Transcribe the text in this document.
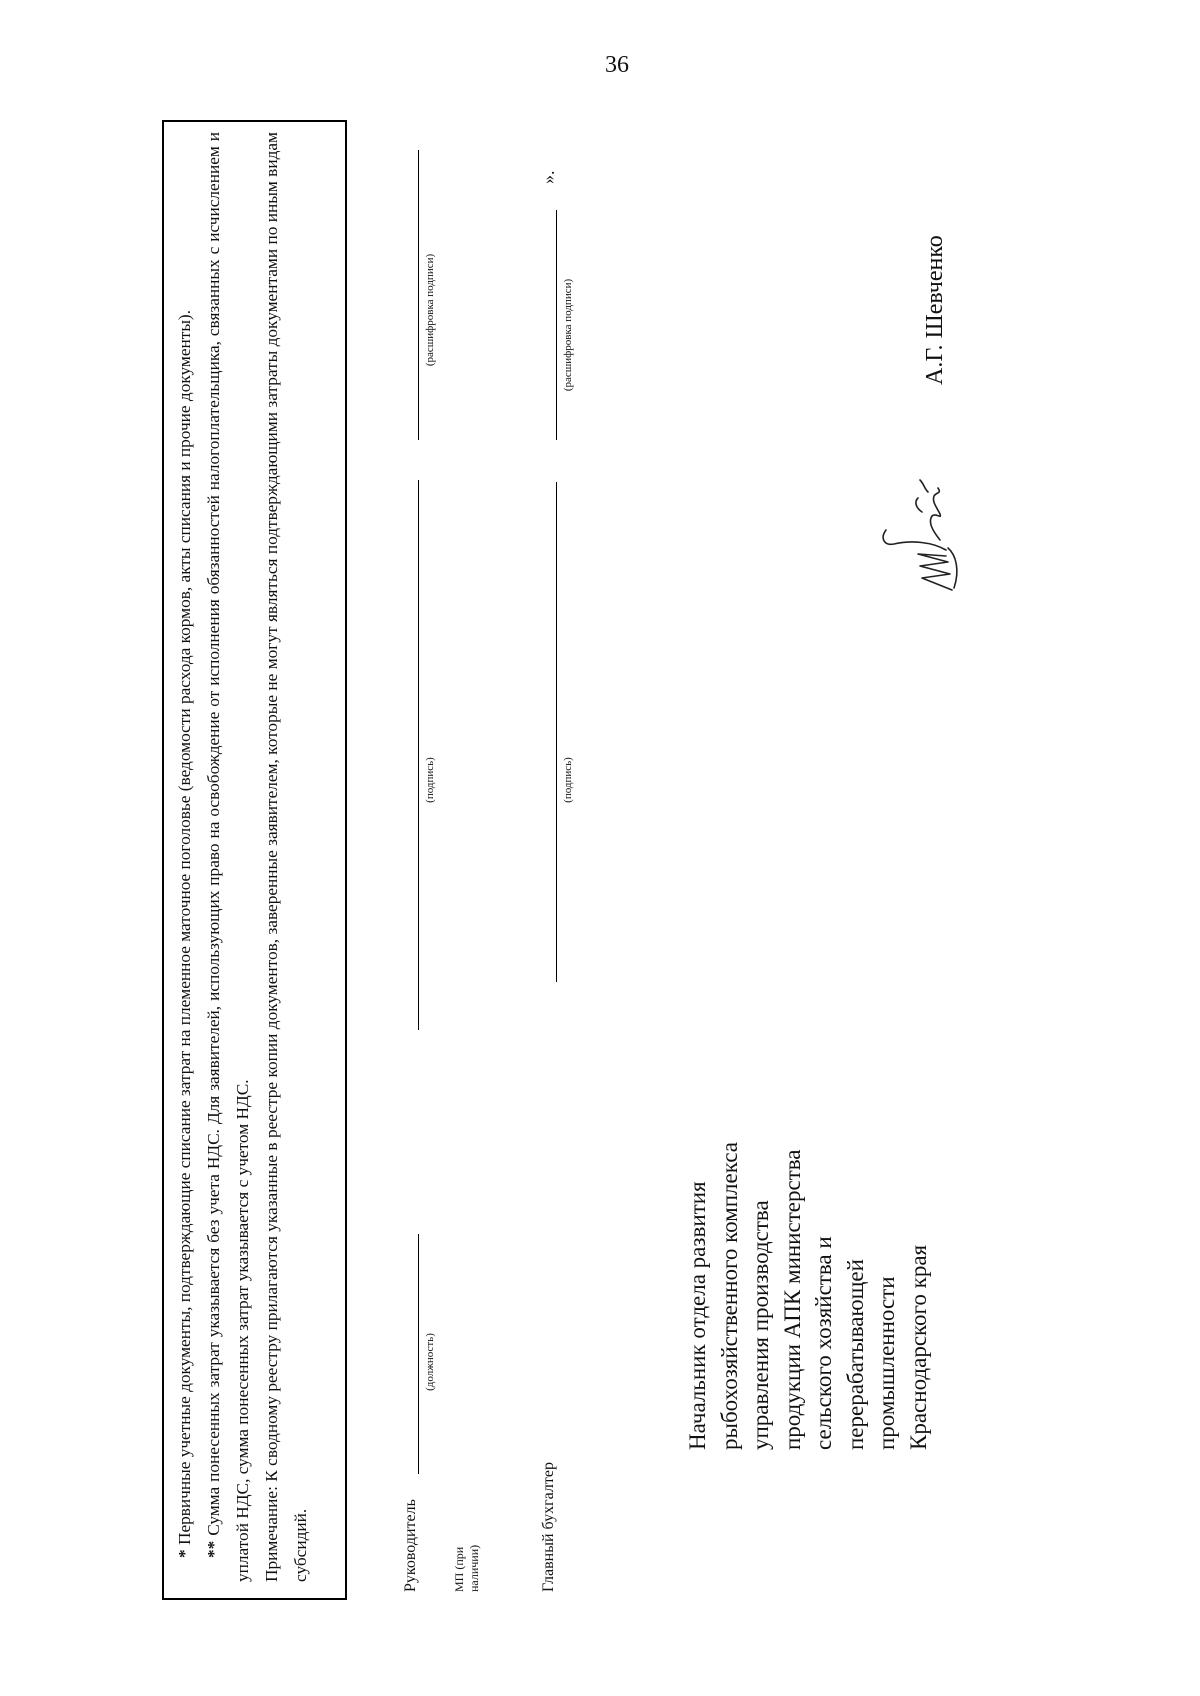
36

* Первичные учетные документы, подтверждающие списание затрат на племенное маточное поголовье (ведомости расхода кормов, акты списания и прочие документы).

** Сумма понесенных затрат указывается без учета НДС. Для заявителей, использующих право на освобождение от исполнения обязанностей налогоплательщика, связанных с исчислением и уплатой НДС, сумма понесенных затрат указывается с учетом НДС. Примечание: К сводному реестру прилагаются указанные в реестре копии документов, заверенные заявителем, которые не могут являться подтверждающими затраты документами по иным видам субсидий.	Руководитель
(должность)
(подпись)
(расшифровка подписи)
МП (при наличии)	Главный бухгалтер
».
(подпись)
(расшифровка подписи)
Начальник отдела развития рыбохозяйственного комплекса управления производства продукции АПК министерства сельского хозяйства и перерабатывающей промышленности Краснодарского края
А.Г. Шевченко
